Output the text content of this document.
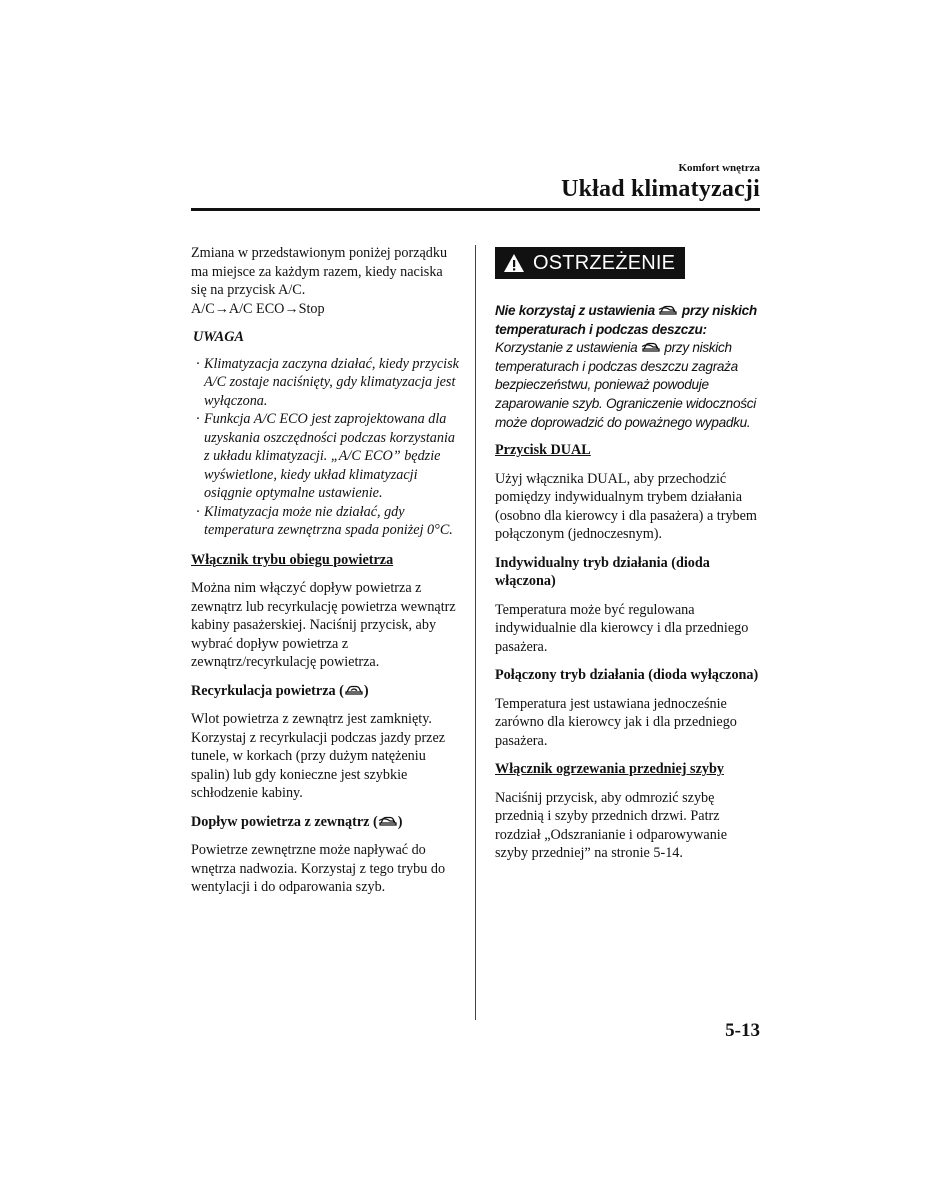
Komfort wnętrza
Układ klimatyzacji

Zmiana w przedstawionym poniżej porządku ma miejsce za każdym razem, kiedy naciska się na przycisk A/C.

A/C→A/C ECO→Stop

UWAGA

· Klimatyzacja zaczyna działać, kiedy przycisk A/C zostaje naciśnięty, gdy klimatyzacja jest wyłączona.
· Funkcja A/C ECO jest zaprojektowana dla uzyskania oszczędności podczas korzystania z układu klimatyzacji. „A/C ECO” będzie wyświetlone, kiedy układ klimatyzacji osiągnie optymalne ustawienie.
· Klimatyzacja może nie działać, gdy temperatura zewnętrzna spada poniżej 0°C.

Włącznik trybu obiegu powietrza

Można nim włączyć dopływ powietrza z zewnątrz lub recyrkulację powietrza wewnątrz kabiny pasażerskiej. Naciśnij przycisk, aby wybrać dopływ powietrza z zewnątrz/recyrkulację powietrza.

Recyrkulacja powietrza ( )

Wlot powietrza z zewnątrz jest zamknięty. Korzystaj z recyrkulacji podczas jazdy przez tunele, w korkach (przy dużym natężeniu spalin) lub gdy konieczne jest szybkie schłodzenie kabiny.

Dopływ powietrza z zewnątrz ( )

Powietrze zewnętrzne może napływać do wnętrza nadwozia. Korzystaj z tego trybu do wentylacji i do odparowania szyb.

OSTRZEŻENIE

Nie korzystaj z ustawienia przy niskich temperaturach i podczas deszczu:

Korzystanie z ustawienia przy niskich temperaturach i podczas deszczu zagraża bezpieczeństwu, ponieważ powoduje zaparowanie szyb. Ograniczenie widoczności może doprowadzić do poważnego wypadku.

Przycisk DUAL

Użyj włącznika DUAL, aby przechodzić pomiędzy indywidualnym trybem działania (osobno dla kierowcy i dla pasażera) a trybem połączonym (jednoczesnym).

Indywidualny tryb działania (dioda włączona)

Temperatura może być regulowana indywidualnie dla kierowcy i dla przedniego pasażera.

Połączony tryb działania (dioda wyłączona)

Temperatura jest ustawiana jednocześnie zarówno dla kierowcy jak i dla przedniego pasażera.

Włącznik ogrzewania przedniej szyby

Naciśnij przycisk, aby odmrozić szybę przednią i szyby przednich drzwi. Patrz rozdział „Odszranianie i odparowywanie szyby przedniej” na stronie 5-14.

5-13
